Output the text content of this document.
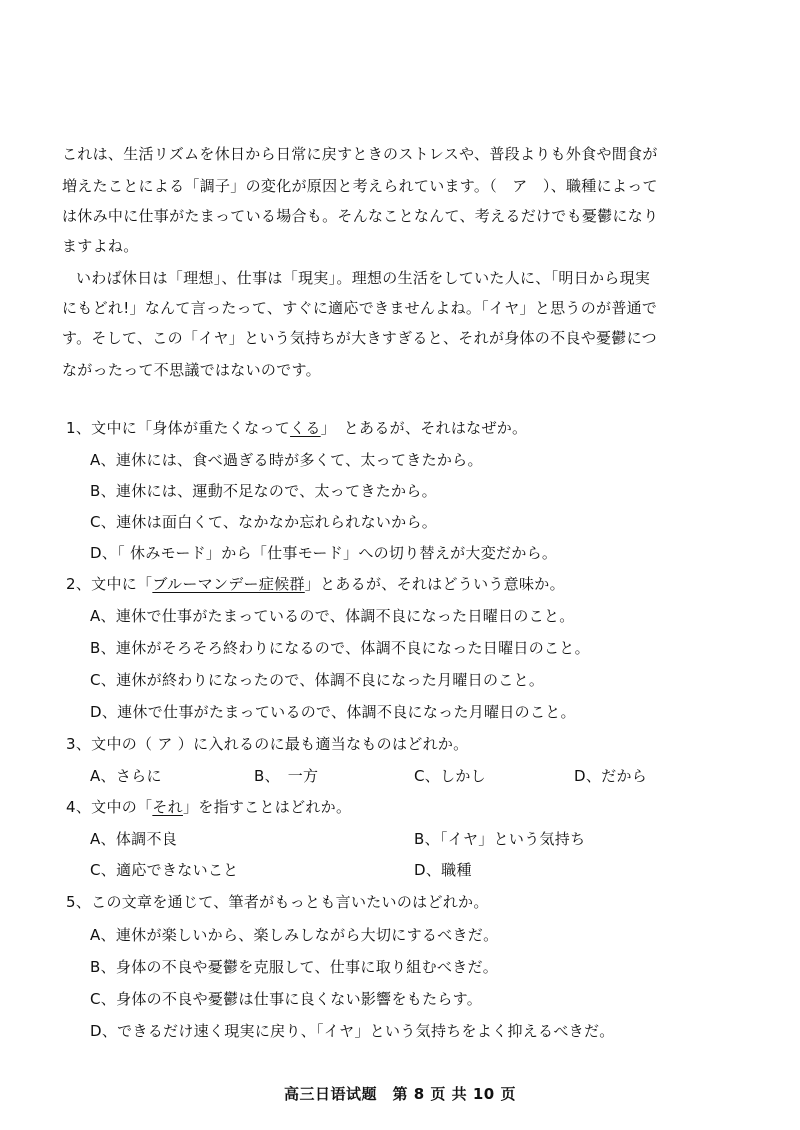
これは、生活リズムを休日から日常に戻すときのストレスや、普段よりも外食や間食が
増えたことによる「調子」の変化が原因と考えられています。（　ア　）、職種によって
は休み中に仕事がたまっている場合も。そんなことなんて、考えるだけでも憂鬱になり
ますよね。
いわば休日は「理想」、仕事は「現実」。理想の生活をしていた人に、「明日から現実
にもどれ!」なんて言ったって、すぐに適応できませんよね。「イヤ」と思うのが普通で
す。そして、この「イヤ」という気持ちが大きすぎると、それが身体の不良や憂鬱につ
ながったって不思議ではないのです。
1、文中に「身体が重たくなってくる」　とあるが、それはなぜか。
A、連休には、食べ過ぎる時が多くて、太ってきたから。
B、連休には、運動不足なので、太ってきたから。
C、連休は面白くて、なかなか忘れられないから。
D、「 休みモード」から「仕事モード」への切り替えが大変だから。
2、文中に「ブルーマンデー症候群」とあるが、それはどういう意味か。
A、連休で仕事がたまっているので、体調不良になった日曜日のこと。
B、連休がそろそろ終わりになるので、体調不良になった日曜日のこと。
C、連休が終わりになったので、体調不良になった月曜日のこと。
D、連休で仕事がたまっているので、体調不良になった月曜日のこと。
3、文中の（ ア ）に入れるのに最も適当なものはどれか。
A、さらに	B、　一方	C、しかし	D、だから
4、文中の「それ」を指すことはどれか。
A、体調不良	B、「イヤ」という気持ち
C、適応できないこと	D、職種
5、この文章を通じて、筆者がもっとも言いたいのはどれか。
A、連休が楽しいから、楽しみしながら大切にするべきだ。
B、身体の不良や憂鬱を克服して、仕事に取り組むべきだ。
C、身体の不良や憂鬱は仕事に良くない影響をもたらす。
D、できるだけ速く現実に戻り、「イヤ」という気持ちをよく抑えるべきだ。
高三日语试题　第 8 页 共 10 页
